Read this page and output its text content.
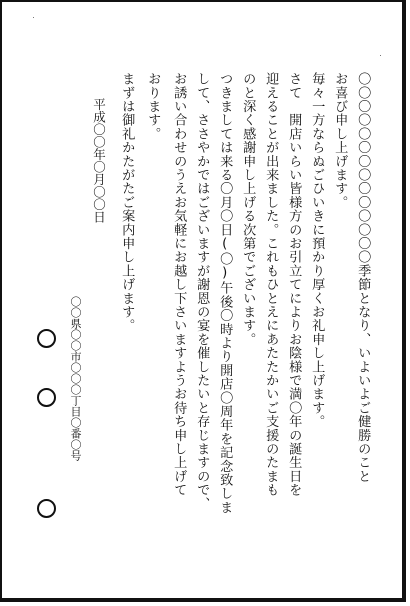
〇〇〇〇〇〇〇〇〇〇〇〇〇〇季節となり、いよいよご健勝のこと
お喜び申し上げます。
毎々一方ならぬごひいきに預かり厚くお礼申し上げます。
さて　開店いらい皆様方のお引立てによりお陰様で満〇年の誕生日を
迎えることが出来ました。これもひとえにあたたかいご支援のたまも
のと深く感謝申し上げる次第でございます。
つきましては来る〇月〇日(〇)午後〇時より開店〇周年を記念致しま
して、ささやかではございますが謝恩の宴を催したいと存じますので、
お誘い合わせのうえお気軽にお越し下さいますようお待ち申し上げて
おります。
まずは御礼かたがたご案内申し上げます。
平成〇〇年〇月〇〇日
〇〇県〇〇市〇〇〇丁目〇番〇号
